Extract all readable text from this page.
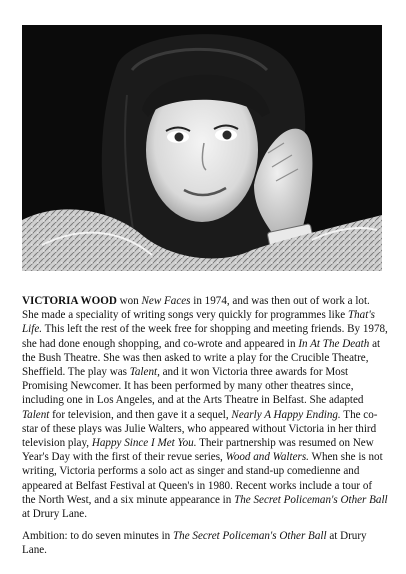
VICTORIA WOOD won New Faces in 1974, and was then out of work a lot. She made a speciality of writing songs very quickly for programmes like That's Life. This left the rest of the week free for shopping and meeting friends. By 1978, she had done enough shopping, and co-wrote and appeared in In At The Death at the Bush Theatre. She was then asked to write a play for the Crucible Theatre, Sheffield. The play was Talent, and it won Victoria three awards for Most Promising Newcomer. It has been performed by many other theatres since, including one in Los Angeles, and at the Arts Theatre in Belfast. She adapted Talent for television, and then gave it a sequel, Nearly A Happy Ending. The co-star of these plays was Julie Walters, who appeared without Victoria in her third television play, Happy Since I Met You. Their partnership was resumed on New Year's Day with the first of their revue series, Wood and Walters. When she is not writing, Victoria performs a solo act as singer and stand-up comedienne and appeared at Belfast Festival at Queen's in 1980. Recent works include a tour of the North West, and a six minute appearance in The Secret Policeman's Other Ball at Drury Lane.

Ambition: to do seven minutes in The Secret Policeman's Other Ball at Drury Lane.
